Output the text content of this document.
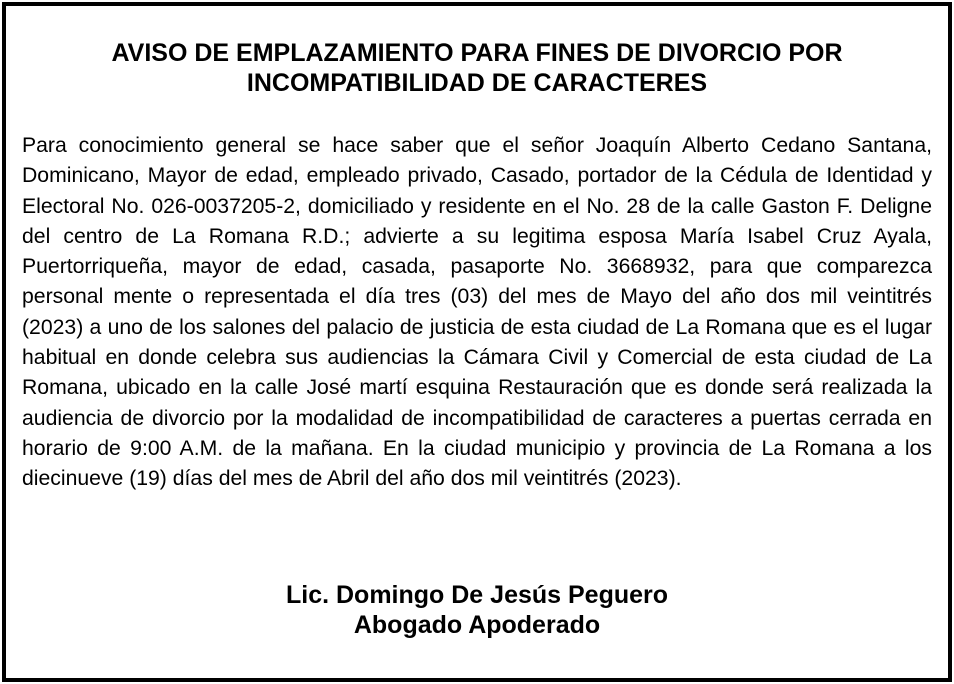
AVISO DE EMPLAZAMIENTO PARA FINES DE DIVORCIO POR
INCOMPATIBILIDAD DE CARACTERES

Para conocimiento general se hace saber que el señor Joaquín Alberto Cedano Santana, Dominicano, Mayor de edad, empleado privado, Casado, portador de la Cédula de Identidad y Electoral No. 026-0037205-2, domiciliado y residente en el No. 28 de la calle Gaston F. Deligne del centro de La Romana R.D.; advierte a su legitima esposa María Isabel Cruz Ayala, Puertorriqueña, mayor de edad, casada, pasaporte No. 3668932, para que comparezca personal mente o representada el día tres (03) del mes de Mayo del año dos mil veintitrés (2023) a uno de los salones del palacio de justicia de esta ciudad de La Romana que es el lugar habitual en donde celebra sus audiencias la Cámara Civil y Comercial de esta ciudad de La Romana, ubicado en la calle José martí esquina Restauración que es donde será realizada la audiencia de divorcio por la modalidad de incompatibilidad de caracteres a puertas cerrada en horario de 9:00 A.M. de la mañana. En la ciudad municipio y provincia de La Romana a los diecinueve (19) días del mes de Abril del año dos mil veintitrés (2023).

Lic. Domingo De Jesús Peguero
Abogado Apoderado
